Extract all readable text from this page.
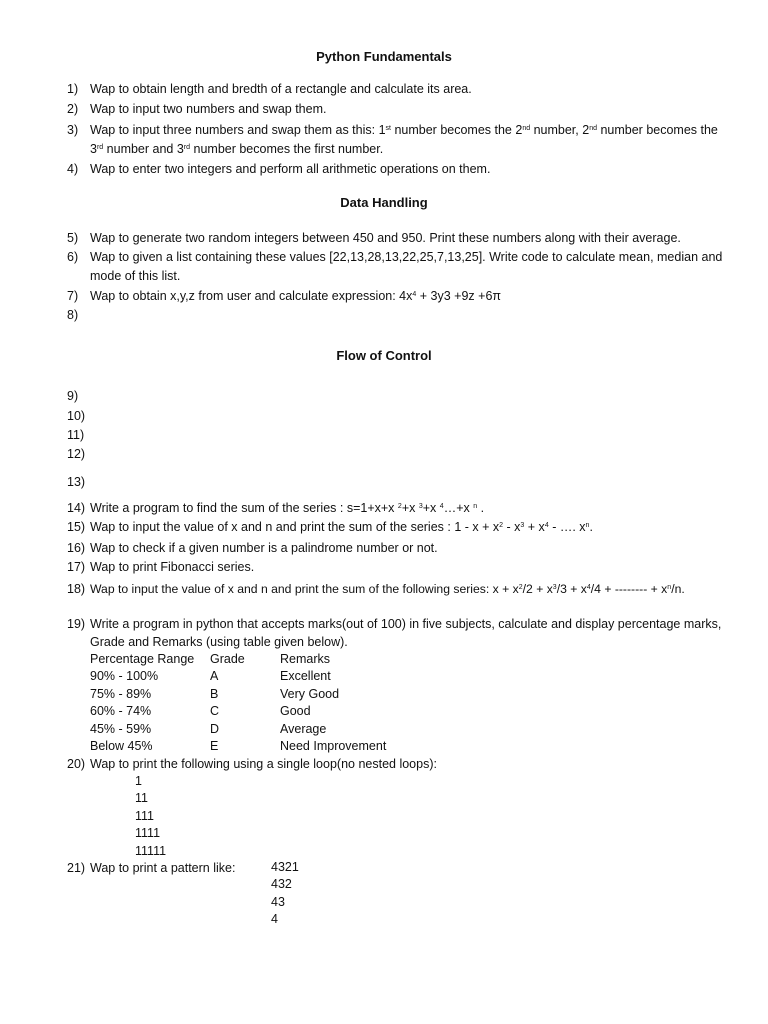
Python Fundamentals
1) Wap to obtain length and bredth of a rectangle and calculate its area.
2) Wap to input two numbers and swap them.
3) Wap to input three numbers and swap them as this: 1st number becomes the 2nd number, 2nd number becomes the 3rd number and 3rd number becomes the first number.
4) Wap to enter two integers and perform all arithmetic operations on them.
Data Handling
5) Wap to generate two random integers between 450 and 950. Print these numbers along with their average.
6) Wap to given a list containing these values [22,13,28,13,22,25,7,13,25]. Write code to calculate mean, median and mode of this list.
7) Wap to obtain x,y,z from user and calculate expression: $4x^4 + 3y3 +9z +6\pi$
8)
Flow of Control
9)
10)
11)
12)
13)
14) Write a program to find the sum of the series : s=1+x+x $^2$+x $^3$+x $^4$…+x $^n$ .
15) Wap to input the value of x and n and print the sum of the series : $1 - x + x^2 - x^3 + x^4$ - …. $x^n$.
16) Wap to check if a given number is a palindrome number or not.
17) Wap to print Fibonacci series.
18) Wap to input the value of x and n and print the sum of the following series: $x + x^2/2 + x^3/3 + x^4/4$ + -------- + $x^n/n$.
19) Write a program in python that accepts marks(out of 100) in five subjects, calculate and display percentage marks, Grade and Remarks (using table given below).
Percentage Range Grade	Remarks
90% - 100%	A	Excellent
75% - 89%	B	Very Good
60% - 74%	C	Good
45% - 59%	D	Average
Below 45%	E	Need Improvement
20) Wap to print the following using a single loop(no nested loops):
1
11
111
1111
11111
21) Wap to print a pattern like:	4321
432
43
4
